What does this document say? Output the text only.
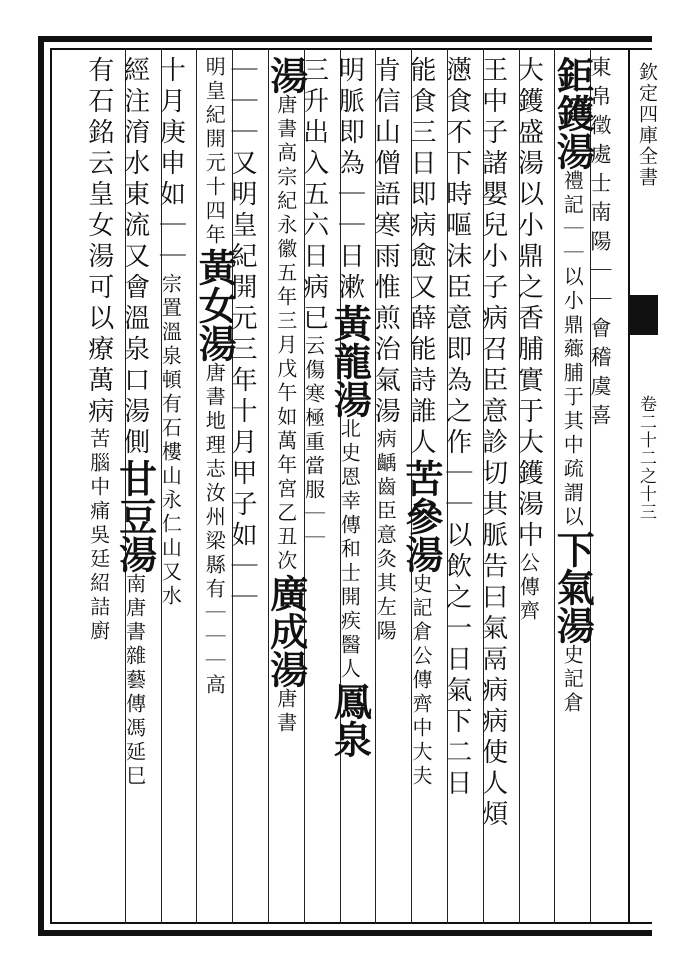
欽定四庫全書
卷二十二之十三
東帛徵處士南陽｜｜會稽虞喜
鉅鑊湯禮記｜｜以小鼎薌脯于其中疏謂以下氣湯史記倉
大鑊盛湯以小鼎之香脯實于大鑊湯中公傳齊
王中子諸嬰兒小子病召臣意診切其脈告曰氣鬲病病使人煩
懣食不下時嘔沫臣意即為之作｜｜以飲之一日氣下二日
能食三日即病愈又薛能詩誰人苦參湯史記倉公傳齊中大夫
肯信山僧語寒雨惟煎治氣湯病齲齒臣意灸其左陽
明脈即為｜｜日漱黃龍湯北史恩幸傳和士開疾醫人鳳泉
三升出入五六日病已云傷寒極重當服｜｜
湯唐書高宗紀永徽五年三月戊午如萬年宮乙丑次廣成湯唐書
｜｜｜又明皇紀開元三年十月甲子如｜｜
明皇紀開元十四年黃女湯唐書地理志汝州梁縣有｜｜｜高
十月庚申如｜｜宗置溫泉頓有石樓山永仁山又水
經注淯水東流又會溫泉口湯側甘豆湯南唐書雜藝傳馮延巳
有石銘云皇女湯可以療萬病苦腦中痛吳廷紹詰廚
